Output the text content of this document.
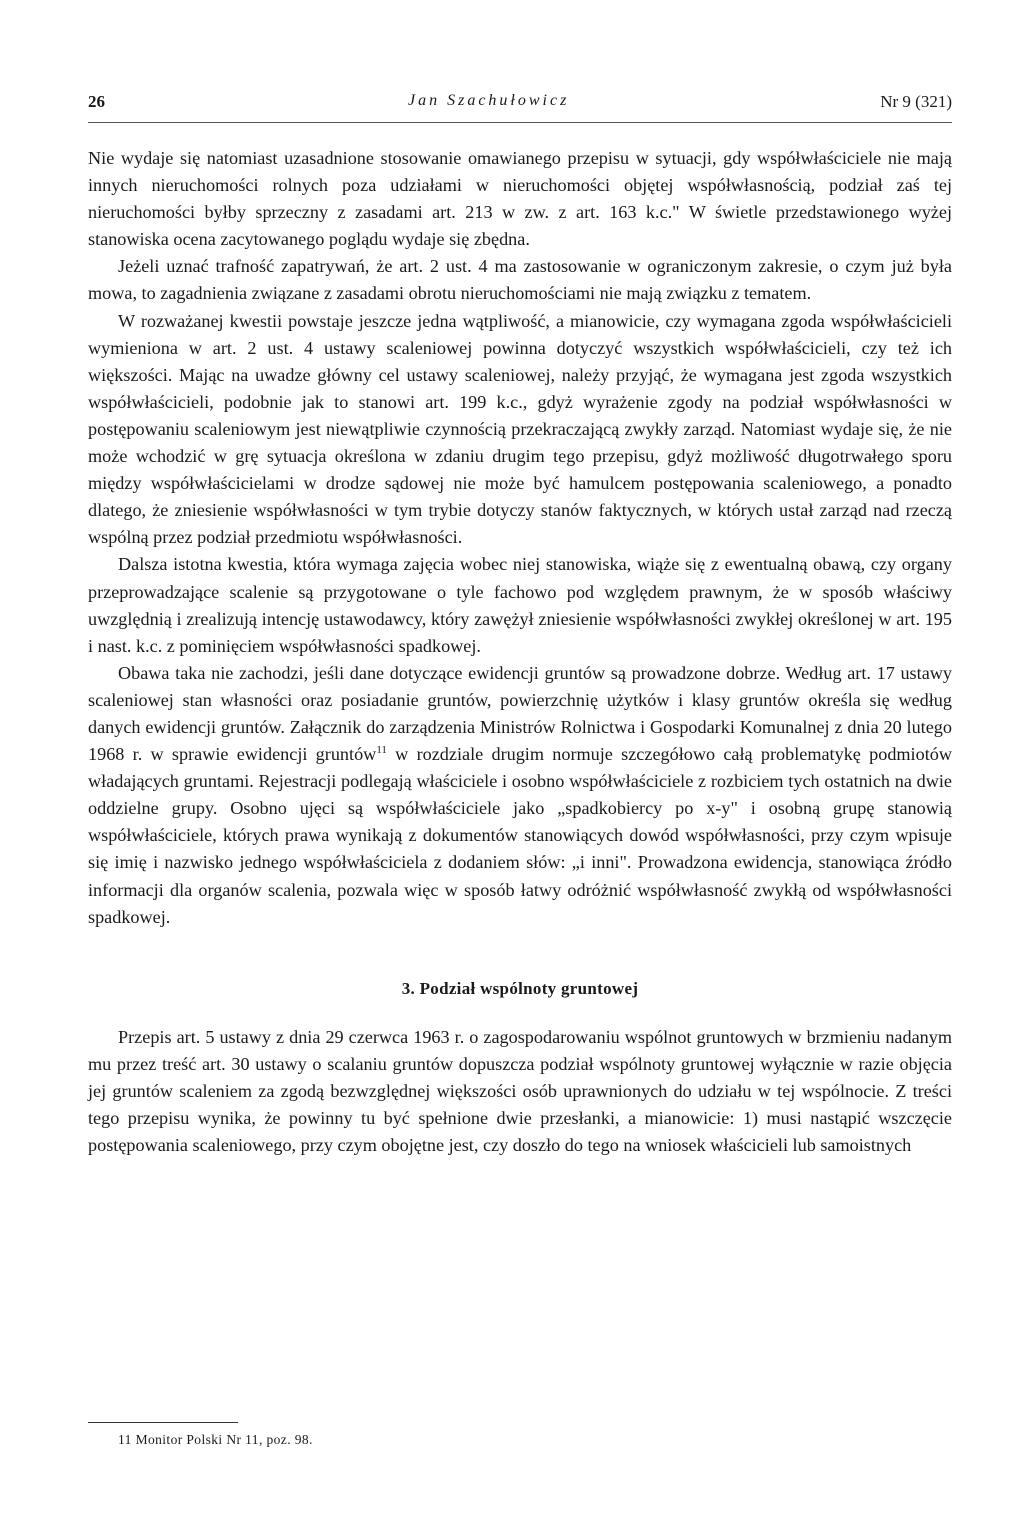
26	Jan Szachułowicz	Nr 9 (321)

Nie wydaje się natomiast uzasadnione stosowanie omawianego przepisu w sytuacji, gdy współwłaściciele nie mają innych nieruchomości rolnych poza udziałami w nieruchomości objętej współwłasnością, podział zaś tej nieruchomości byłby sprzeczny z zasadami art. 213 w zw. z art. 163 k.c." W świetle przedstawionego wyżej stanowiska ocena zacytowanego poglądu wydaje się zbędna.

Jeżeli uznać trafność zapatrywań, że art. 2 ust. 4 ma zastosowanie w ograniczonym zakresie, o czym już była mowa, to zagadnienia związane z zasadami obrotu nieruchomościami nie mają związku z tematem.

W rozważanej kwestii powstaje jeszcze jedna wątpliwość, a mianowicie, czy wymagana zgoda współwłaścicieli wymieniona w art. 2 ust. 4 ustawy scaleniowej powinna dotyczyć wszystkich współwłaścicieli, czy też ich większości. Mając na uwadze główny cel ustawy scaleniowej, należy przyjąć, że wymagana jest zgoda wszystkich współwłaścicieli, podobnie jak to stanowi art. 199 k.c., gdyż wyrażenie zgody na podział współwłasności w postępowaniu scaleniowym jest niewątpliwie czynnością przekraczającą zwykły zarząd. Natomiast wydaje się, że nie może wchodzić w grę sytuacja określona w zdaniu drugim tego przepisu, gdyż możliwość długotrwałego sporu między współwłaścicielami w drodze sądowej nie może być hamulcem postępowania scaleniowego, a ponadto dlatego, że zniesienie współwłasności w tym trybie dotyczy stanów faktycznych, w których ustał zarząd nad rzeczą wspólną przez podział przedmiotu współwłasności.

Dalsza istotna kwestia, która wymaga zajęcia wobec niej stanowiska, wiąże się z ewentualną obawą, czy organy przeprowadzające scalenie są przygotowane o tyle fachowo pod względem prawnym, że w sposób właściwy uwzględnią i zrealizują intencję ustawodawcy, który zawężył zniesienie współwłasności zwykłej określonej w art. 195 i nast. k.c. z pominięciem współwłasności spadkowej.

Obawa taka nie zachodzi, jeśli dane dotyczące ewidencji gruntów są prowadzone dobrze. Według art. 17 ustawy scaleniowej stan własności oraz posiadanie gruntów, powierzchnię użytków i klasy gruntów określa się według danych ewidencji gruntów. Załącznik do zarządzenia Ministrów Rolnictwa i Gospodarki Komunalnej z dnia 20 lutego 1968 r. w sprawie ewidencji gruntów$^{11}$ w rozdziale drugim normuje szczegółowo całą problematykę podmiotów władających gruntami. Rejestracji podlegają właściciele i osobno współwłaściciele z rozbiciem tych ostatnich na dwie oddzielne grupy. Osobno ujęci są współwłaściciele jako „spadkobiercy po x-y" i osobną grupę stanowią współwłaściciele, których prawa wynikają z dokumentów stanowiących dowód współwłasności, przy czym wpisuje się imię i nazwisko jednego współwłaściciela z dodaniem słów: „i inni". Prowadzona ewidencja, stanowiąca źródło informacji dla organów scalenia, pozwala więc w sposób łatwy odróżnić współwłasność zwykłą od współwłasności spadkowej.

3. Podział wspólnoty gruntowej

Przepis art. 5 ustawy z dnia 29 czerwca 1963 r. o zagospodarowaniu wspólnot gruntowych w brzmieniu nadanym mu przez treść art. 30 ustawy o scalaniu gruntów dopuszcza podział wspólnoty gruntowej wyłącznie w razie objęcia jej gruntów scaleniem za zgodą bezwzględnej większości osób uprawnionych do udziału w tej wspólnocie. Z treści tego przepisu wynika, że powinny tu być spełnione dwie przesłanki, a mianowicie: 1) musi nastąpić wszczęcie postępowania scaleniowego, przy czym obojętne jest, czy doszło do tego na wniosek właścicieli lub samoistnych

11 Monitor Polski Nr 11, poz. 98.
